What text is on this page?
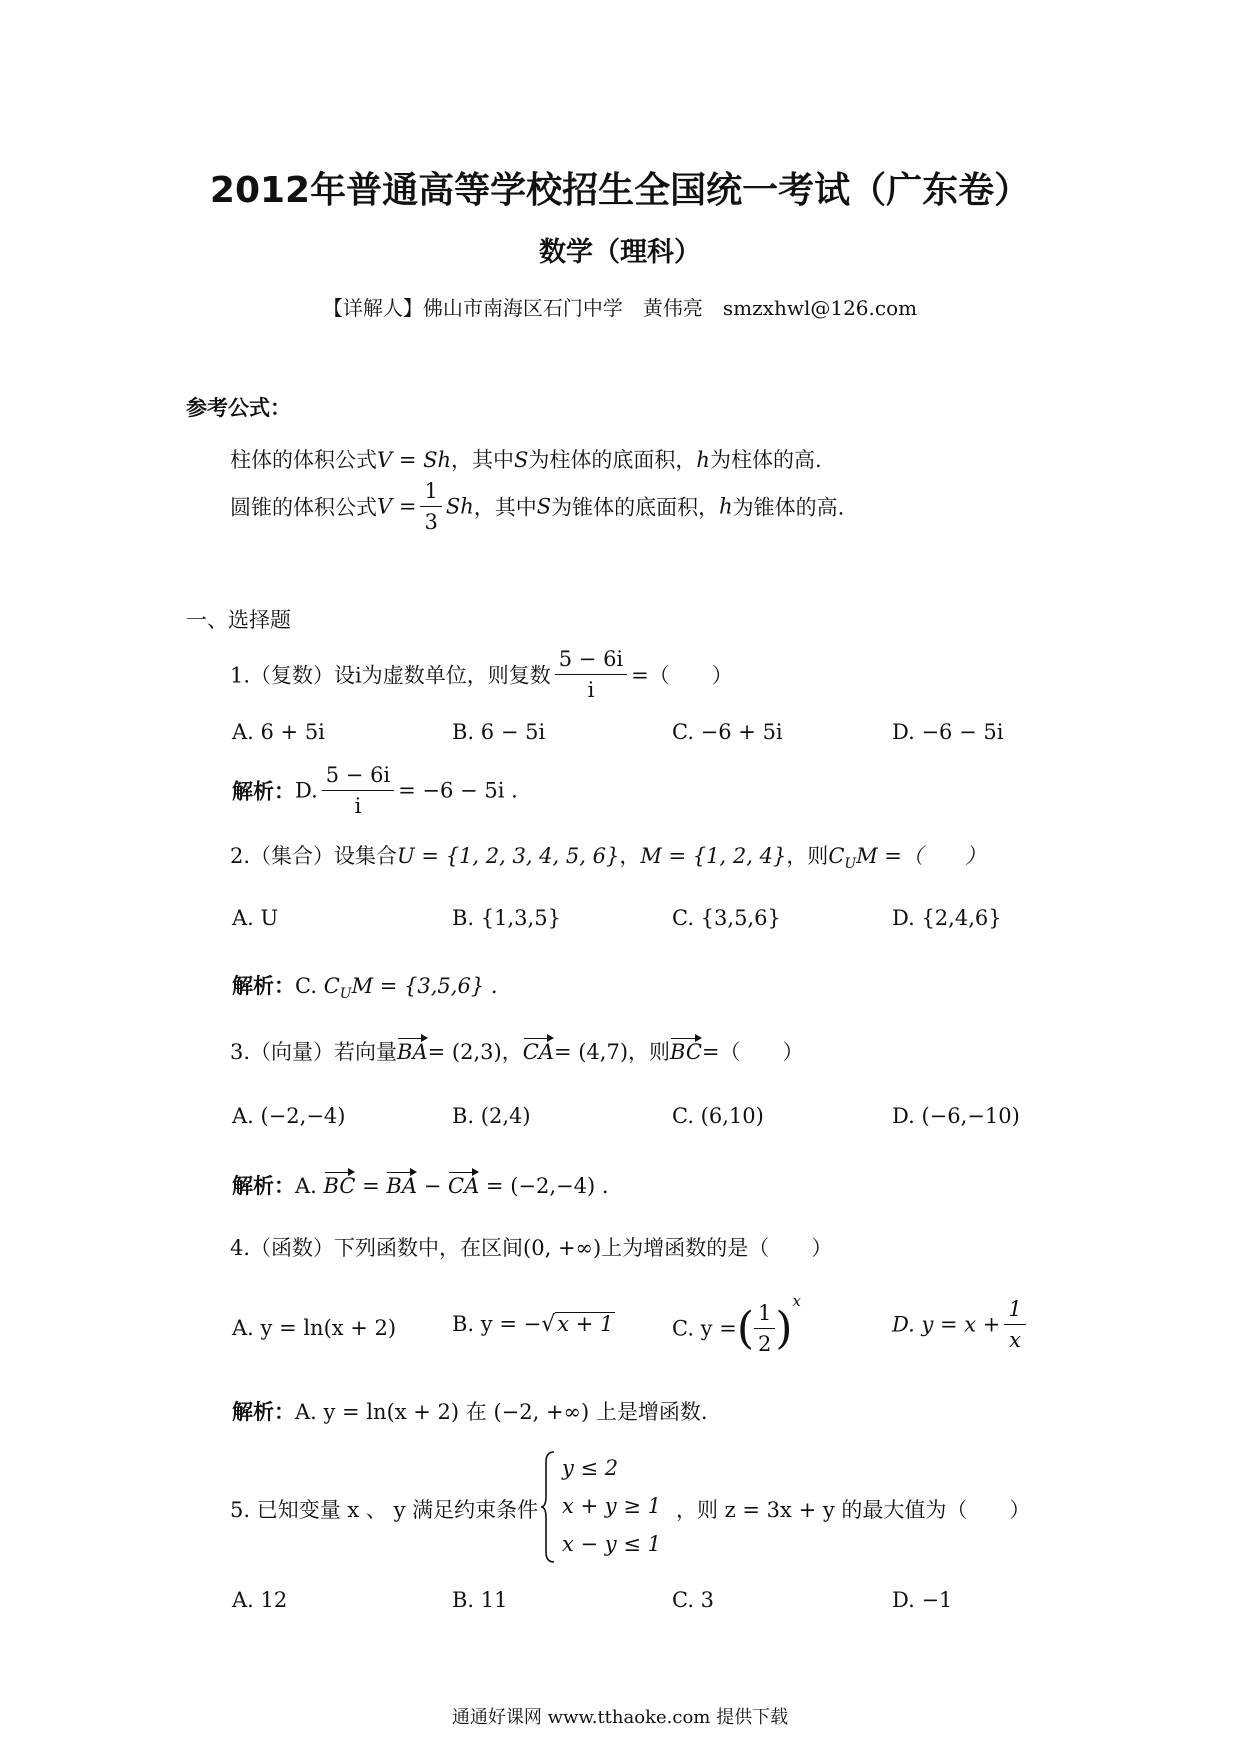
2012年普通高等学校招生全国统一考试（广东卷）
数学（理科）
【详解人】佛山市南海区石门中学　黄伟亮　smzxhwl@126.com
参考公式：
柱体的体积公式V = Sh，其中S为柱体的底面积，h为柱体的高.
圆锥的体积公式$V = \frac{1}{3}$ Sh，其中S为锥体的底面积，h为锥体的高.
一、选择题
1.（复数）设i为虚数单位，则复数 $\frac{5 - 6i}{i}$ =（　　）
A. 6 + 5i	B. 6 − 5i	C. −6 + 5i	D. −6 − 5i
解析：D. $\frac{5 - 6i}{i} = -6 - 5i$ .
2.（集合）设集合U = {1, 2, 3, 4, 5, 6}，M = {1, 2, 4}，则$C_UM$ =（　　）
A. U	B. {1,3,5}	C. {3,5,6}	D. {2,4,6}
解析：C. $C_UM = \{3,5,6\}$ .
3.（向量）若向量BA= (2,3)，CA= (4,7)，则BC=（　　）
A. (−2,−4)	B. (2,4)	C. (6,10)	D. (−6,−10)
解析：A. BC = BA − CA = (−2,−4) .
4.（函数）下列函数中，在区间(0, +∞)上为增函数的是（　　）
A. y = ln(x + 2)	B. y = −√x + 1	C. y =( $\frac{1}{2} )^x$
D. $y = x + \frac{1}{x}$
解析：A. y = ln(x + 2) 在 (−2, +∞) 上是增函数.
5. 已知变量 x 、 y 满足约束条件
y ≤ 2
x + y ≥ 1
x − y ≤ 1
，则 z = 3x + y 的最大值为（　　）
A. 12	B. 11	C. 3	D. −1
通通好课网 www.tthaoke.com 提供下载
